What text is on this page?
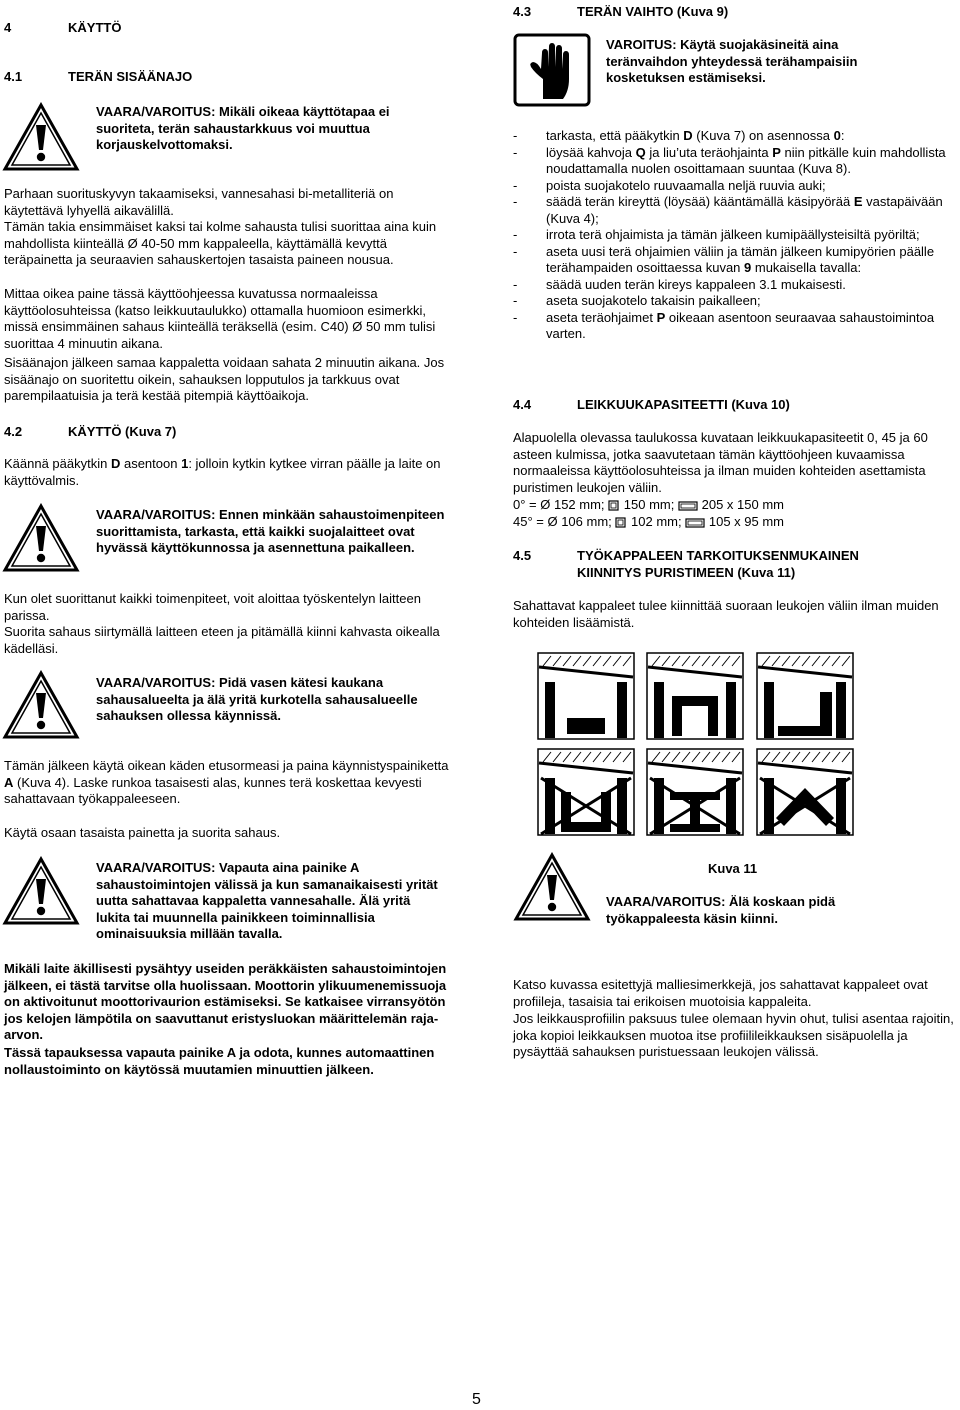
4	KÄYTTÖ
4.1	TERÄN SISÄÄNAJO
VAARA/VAROITUS: Mikäli oikeaa käyttötapaa ei suoriteta, terän sahaustarkkuus voi muuttua korjauskelvottomaksi.

Parhaan suorituskyvyn takaamiseksi, vannesahasi bi-metalliteriä on käytettävä lyhyellä aikavälillä.

Tämän takia ensimmäiset kaksi tai kolme sahausta tulisi suorittaa aina kuin mahdollista kiinteällä Ø 40-50 mm kappaleella, käyttämällä kevyttä teräpainetta ja seuraavien sahauskertojen tasaista paineen nousua.

Mittaa oikea paine tässä käyttöohjeessa kuvatussa normaaleissa käyttöolosuhteissa (katso leikkuutaulukko) ottamalla huomioon esimerkki, missä ensimmäinen sahaus kiinteällä teräksellä (esim. C40) Ø 50 mm tulisi suorittaa 4 minuutin aikana.

Sisäänajon jälkeen samaa kappaletta voidaan sahata 2 minuutin aikana. Jos sisäänajo on suoritettu oikein, sahauksen lopputulos ja tarkkuus ovat parempilaatuisia ja terä kestää pitempiä käyttöaikoja.

4.2	KÄYTTÖ (Kuva 7)

Käännä pääkytkin D asentoon 1: jolloin kytkin kytkee virran päälle ja laite on käyttövalmis.

VAARA/VAROITUS: Ennen minkään sahaustoimenpiteen suorittamista, tarkasta, että kaikki suojalaitteet ovat hyvässä käyttökunnossa ja asennettuna paikalleen.

Kun olet suorittanut kaikki toimenpiteet, voit aloittaa työskentelyn laitteen parissa.

Suorita sahaus siirtymällä laitteen eteen ja pitämällä kiinni kahvasta oikealla kädelläsi.

VAARA/VAROITUS: Pidä vasen kätesi kaukana sahausalueelta ja älä yritä kurkotella sahausalueelle sahauksen ollessa käynnissä.

Tämän jälkeen käytä oikean käden etusormeasi ja paina käynnistyspainiketta A (Kuva 4). Laske runkoa tasaisesti alas, kunnes terä koskettaa kevyesti sahattavaan työkappaleeseen.

Käytä osaan tasaista painetta ja suorita sahaus.

VAARA/VAROITUS: Vapauta aina painike A sahaustoimintojen välissä ja kun samanaikaisesti yrität uutta sahattavaa kappaletta vannesahalle. Älä yritä lukita tai muunnella painikkeen toiminnallisia ominaisuuksia millään tavalla.

Mikäli laite äkillisesti pysähtyy useiden peräkkäisten sahaustoimintojen jälkeen, ei tästä tarvitse olla huolissaan. Moottorin ylikuumenemissuoja on aktivoitunut moottorivaurion estämiseksi. Se katkaisee virransyötön jos kelojen lämpötila on saavuttanut eristysluokan määrittelemän raja-arvon.

Tässä tapauksessa vapauta painike A ja odota, kunnes automaattinen nollaustoiminto on käytössä muutamien minuuttien jälkeen.

4.3	TERÄN VAIHTO (Kuva 9)
VAROITUS: Käytä suojakäsineitä aina teränvaihdon yhteydessä terähampaisiin kosketuksen estämiseksi.
- tarkasta, että pääkytkin D (Kuva 7) on asennossa 0:
- löysää kahvoja Q ja liu’uta teräohjainta P niin pitkälle kuin mahdollista noudattamalla nuolen osoittamaan suuntaa (Kuva 8).
- poista suojakotelo ruuvaamalla neljä ruuvia auki;
- säädä terän kireyttä (löysää) kääntämällä käsipyörää E vastapäivään (Kuva 4);
- irrota terä ohjaimista ja tämän jälkeen kumipäällysteisiltä pyöriltä;
- aseta uusi terä ohjaimien väliin ja tämän jälkeen kumipyörien päälle terähampaiden osoittaessa kuvan 9 mukaisella tavalla:
- säädä uuden terän kireys kappaleen 3.1 mukaisesti.
- aseta suojakotelo takaisin paikalleen;
- aseta teräohjaimet P oikeaan asentoon seuraavaa sahaustoimintoa varten.
4.4	LEIKKUUKAPASITEETTI (Kuva 10)

Alapuolella olevassa taulukossa kuvataan leikkuukapasiteetit 0, 45 ja 60 asteen kulmissa, jotka saavutetaan tämän käyttöohjeen kuvaamissa normaaleissa käyttöolosuhteissa ja ilman muiden kohteiden asettamista puristimen leukojen väliin.

0° = Ø 152 mm; 150 mm; 205 x 150 mm
45° = Ø 106 mm; 102 mm; 105 x 95 mm
4.5	TYÖKAPPALEEN TARKOITUKSENMUKAINEN KIINNITYS PURISTIMEEN (Kuva 11)

Sahattavat kappaleet tulee kiinnittää suoraan leukojen väliin ilman muiden kohteiden lisäämistä.

Kuva 11
VAARA/VAROITUS: Älä koskaan pidä työkappaleesta käsin kiinni.

Katso kuvassa esitettyjä malliesimerkkejä, jos sahattavat kappaleet ovat profiileja, tasaisia tai erikoisen muotoisia kappaleita.

Jos leikkausprofiilin paksuus tulee olemaan hyvin ohut, tulisi asentaa rajoitin, joka kopioi leikkauksen muotoa itse profiilileikkauksen sisäpuolella ja pysäyttää sahauksen puristuessaan leukojen välissä.

5
